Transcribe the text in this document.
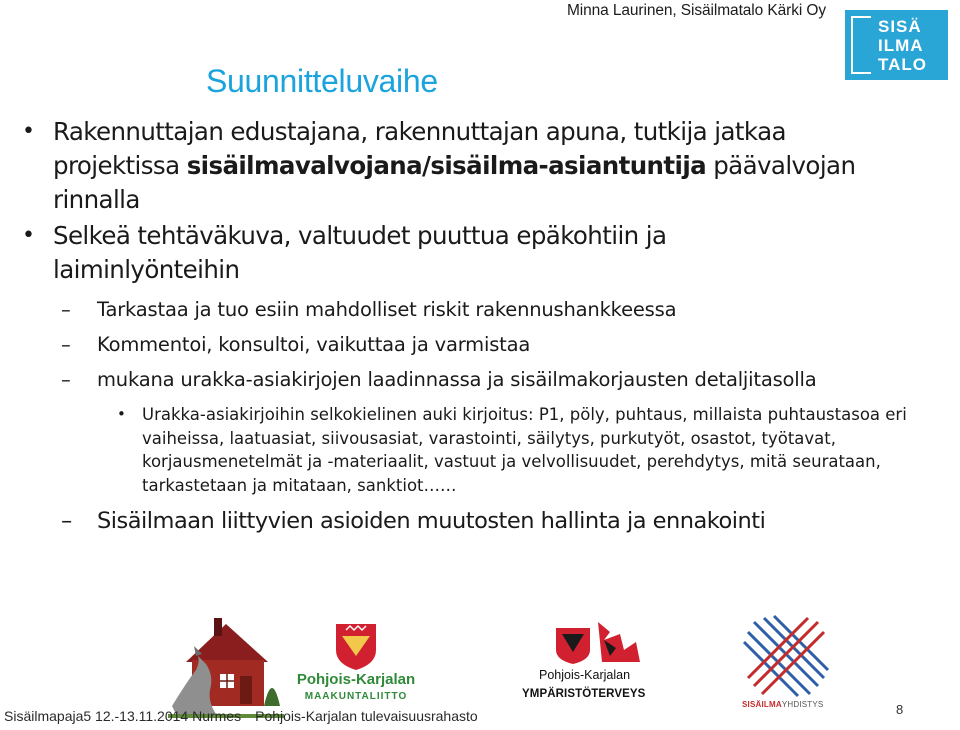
Minna Laurinen, Sisäilmatalo Kärki Oy
SISÄ
ILMA
TALO
Suunnitteluvaihe
• Rakennuttajan edustajana, rakennuttajan apuna, tutkija jatkaa projektissa sisäilmavalvojana/sisäilma-asiantuntija päävalvojan rinnalla
• Selkeä tehtäväkuva, valtuudet puuttua epäkohtiin ja laiminlyönteihin
– Tarkastaa ja tuo esiin mahdolliset riskit rakennushankkeessa
– Kommentoi, konsultoi, vaikuttaa ja varmistaa
– mukana urakka-asiakirjojen laadinnassa ja sisäilmakorjausten detaljitasolla
• Urakka-asiakirjoihin selkokielinen auki kirjoitus: P1, pöly, puhtaus, millaista puhtaustasoa eri vaiheissa, laatuasiat, siivousasiat, varastointi, säilytys, purkutyöt, osastot, työtavat, korjausmenetelmät ja -materiaalit, vastuut ja velvollisuudet, perehdytys, mitä seurataan, tarkastetaan ja mitataan, sanktiot……
– Sisäilmaan liittyvien asioiden muutosten hallinta ja ennakointi
Pohjois-Karjalan
MAAKUNTALIITTO
Pohjois-Karjalan
YMPÄRISTÖTERVEYS
SISÄILMAYHDISTYS
Sisäilmapaja5 12.-13.11.2014 Nurmes Pohjois-Karjalan tulevaisuusrahasto	8
